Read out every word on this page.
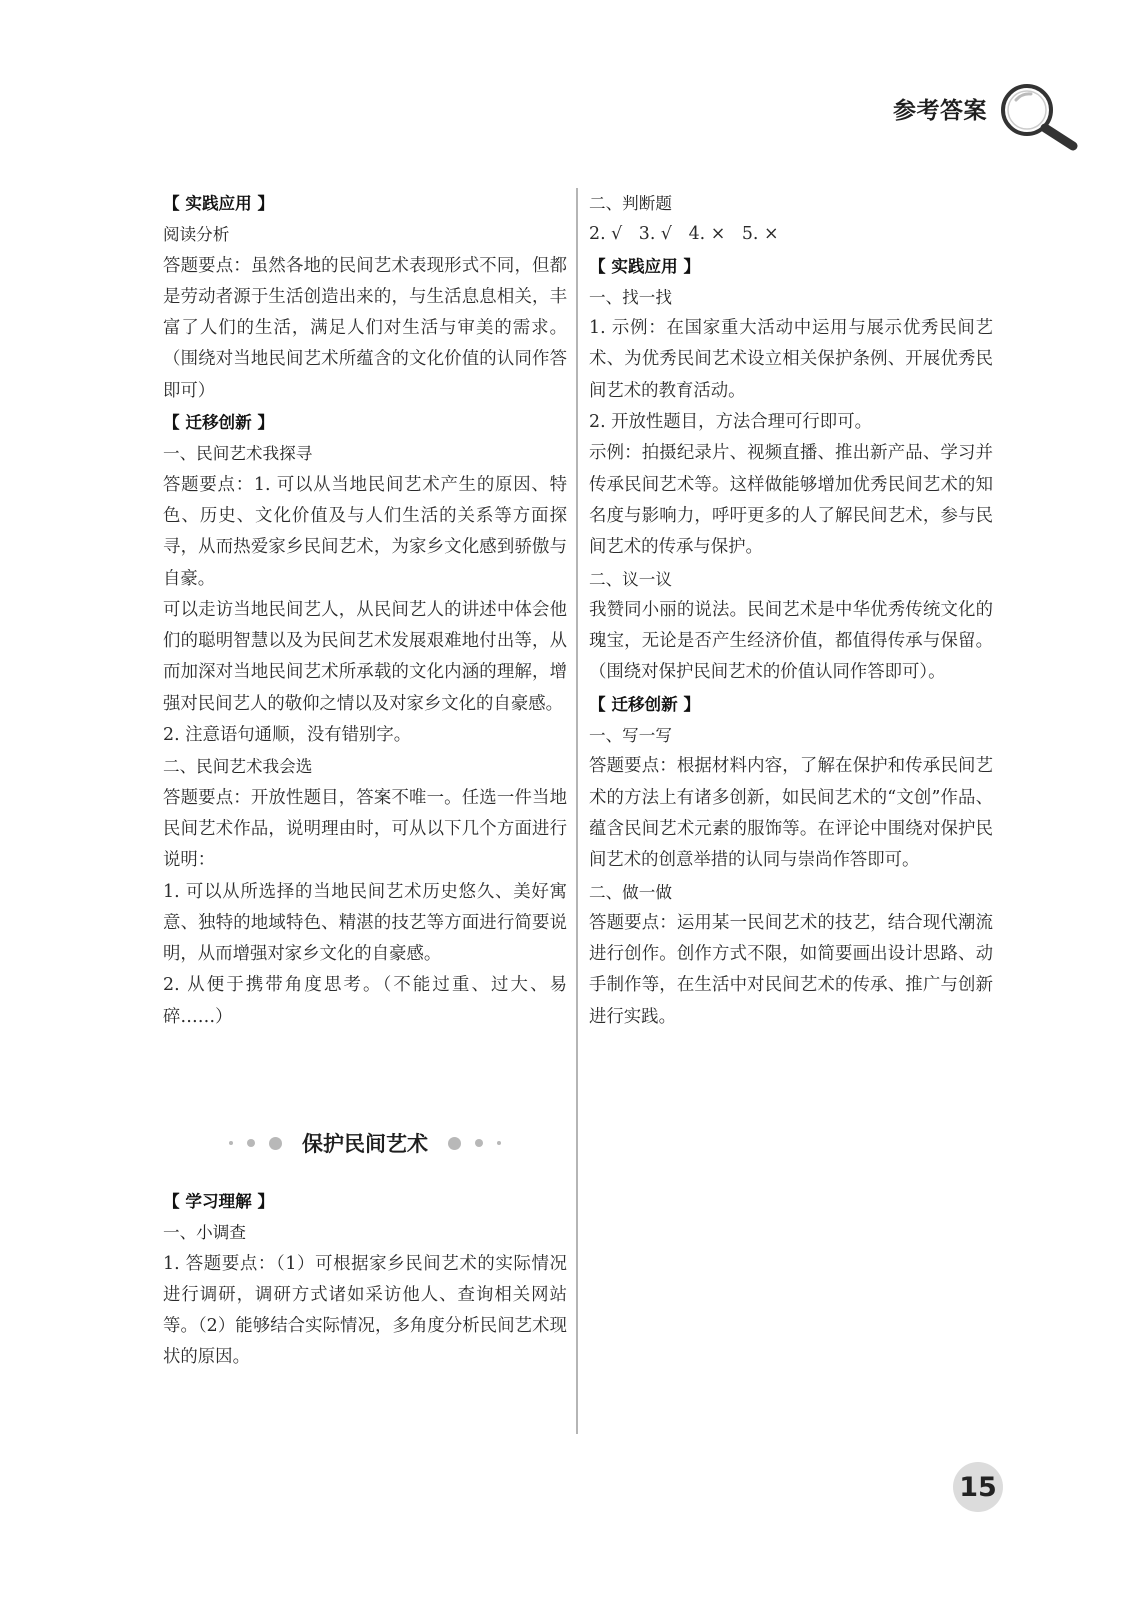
参考答案

【 实践应用 】

阅读分析

答题要点：虽然各地的民间艺术表现形式不同，但都是劳动者源于生活创造出来的，与生活息息相关，丰富了人们的生活，满足人们对生活与审美的需求。（围绕对当地民间艺术所蕴含的文化价值的认同作答即可）

【 迁移创新 】

一、民间艺术我探寻

答题要点：1. 可以从当地民间艺术产生的原因、特色、历史、文化价值及与人们生活的关系等方面探寻，从而热爱家乡民间艺术，为家乡文化感到骄傲与自豪。

可以走访当地民间艺人，从民间艺人的讲述中体会他们的聪明智慧以及为民间艺术发展艰难地付出等，从而加深对当地民间艺术所承载的文化内涵的理解，增强对民间艺人的敬仰之情以及对家乡文化的自豪感。

2. 注意语句通顺，没有错别字。

二、民间艺术我会选

答题要点：开放性题目，答案不唯一。任选一件当地民间艺术作品，说明理由时，可从以下几个方面进行说明：

1. 可以从所选择的当地民间艺术历史悠久、美好寓意、独特的地域特色、精湛的技艺等方面进行简要说明，从而增强对家乡文化的自豪感。

2. 从便于携带角度思考。（不能过重、过大、易碎……）

保护民间艺术

【 学习理解 】

一、小调查

1. 答题要点：（1）可根据家乡民间艺术的实际情况进行调研，调研方式诸如采访他人、查询相关网站等。（2）能够结合实际情况，多角度分析民间艺术现状的原因。

二、判断题

2. √   3. √   4. ×   5. ×

【 实践应用 】

一、找一找

1. 示例：在国家重大活动中运用与展示优秀民间艺术、为优秀民间艺术设立相关保护条例、开展优秀民间艺术的教育活动。

2. 开放性题目，方法合理可行即可。

示例：拍摄纪录片、视频直播、推出新产品、学习并传承民间艺术等。这样做能够增加优秀民间艺术的知名度与影响力，呼吁更多的人了解民间艺术，参与民间艺术的传承与保护。

二、议一议

我赞同小丽的说法。民间艺术是中华优秀传统文化的瑰宝，无论是否产生经济价值，都值得传承与保留。（围绕对保护民间艺术的价值认同作答即可）。

【 迁移创新 】

一、写一写

答题要点：根据材料内容，了解在保护和传承民间艺术的方法上有诸多创新，如民间艺术的“文创”作品、蕴含民间艺术元素的服饰等。在评论中围绕对保护民间艺术的创意举措的认同与崇尚作答即可。

二、做一做

答题要点：运用某一民间艺术的技艺，结合现代潮流进行创作。创作方式不限，如简要画出设计思路、动手制作等，在生活中对民间艺术的传承、推广与创新进行实践。

15
